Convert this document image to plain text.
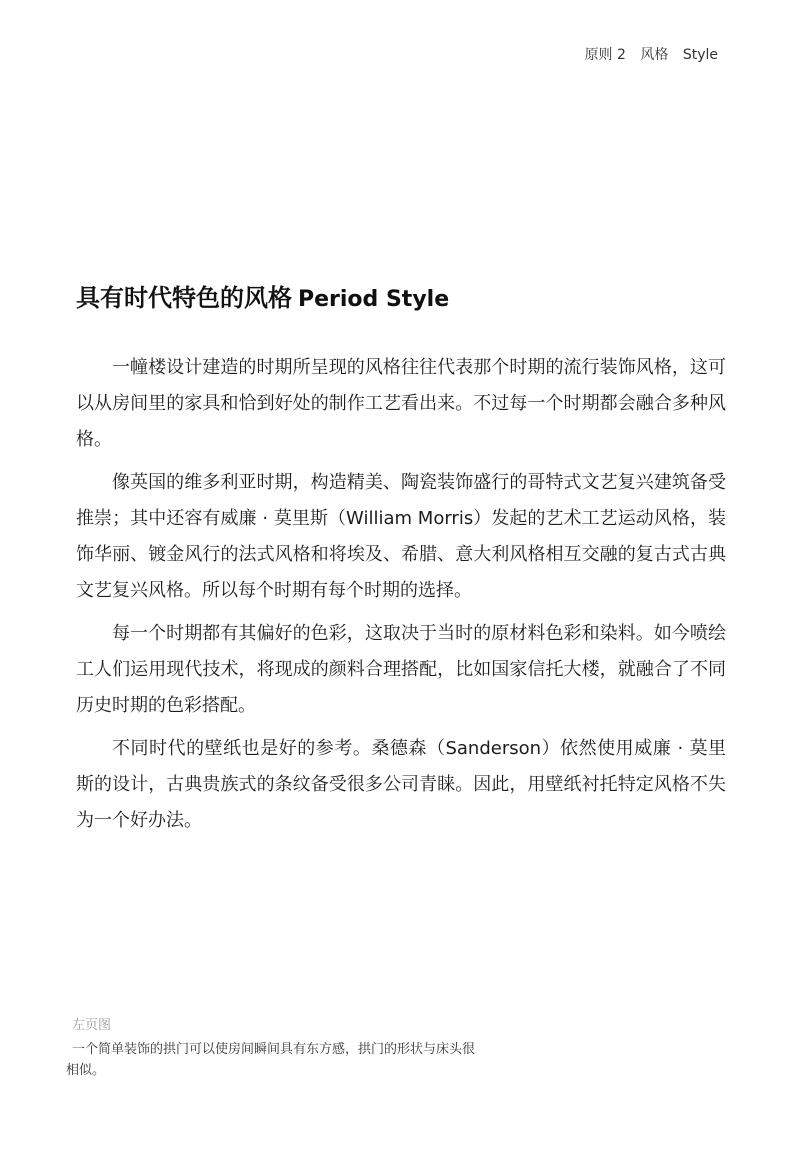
原则 2 风格 Style
具有时代特色的风格 Period Style

一幢楼设计建造的时期所呈现的风格往往代表那个时期的流行装饰风格，这可以从房间里的家具和恰到好处的制作工艺看出来。不过每一个时期都会融合多种风格。

像英国的维多利亚时期，构造精美、陶瓷装饰盛行的哥特式文艺复兴建筑备受推崇；其中还容有威廉 · 莫里斯（William Morris）发起的艺术工艺运动风格，装饰华丽、镀金风行的法式风格和将埃及、希腊、意大利风格相互交融的复古式古典文艺复兴风格。所以每个时期有每个时期的选择。

每一个时期都有其偏好的色彩，这取决于当时的原材料色彩和染料。如今喷绘工人们运用现代技术，将现成的颜料合理搭配，比如国家信托大楼，就融合了不同历史时期的色彩搭配。

不同时代的壁纸也是好的参考。桑德森（Sanderson）依然使用威廉 · 莫里斯的设计，古典贵族式的条纹备受很多公司青睐。因此，用壁纸衬托特定风格不失为一个好办法。

左页图

一个简单装饰的拱门可以使房间瞬间具有东方感，拱门的形状与床头很相似。
